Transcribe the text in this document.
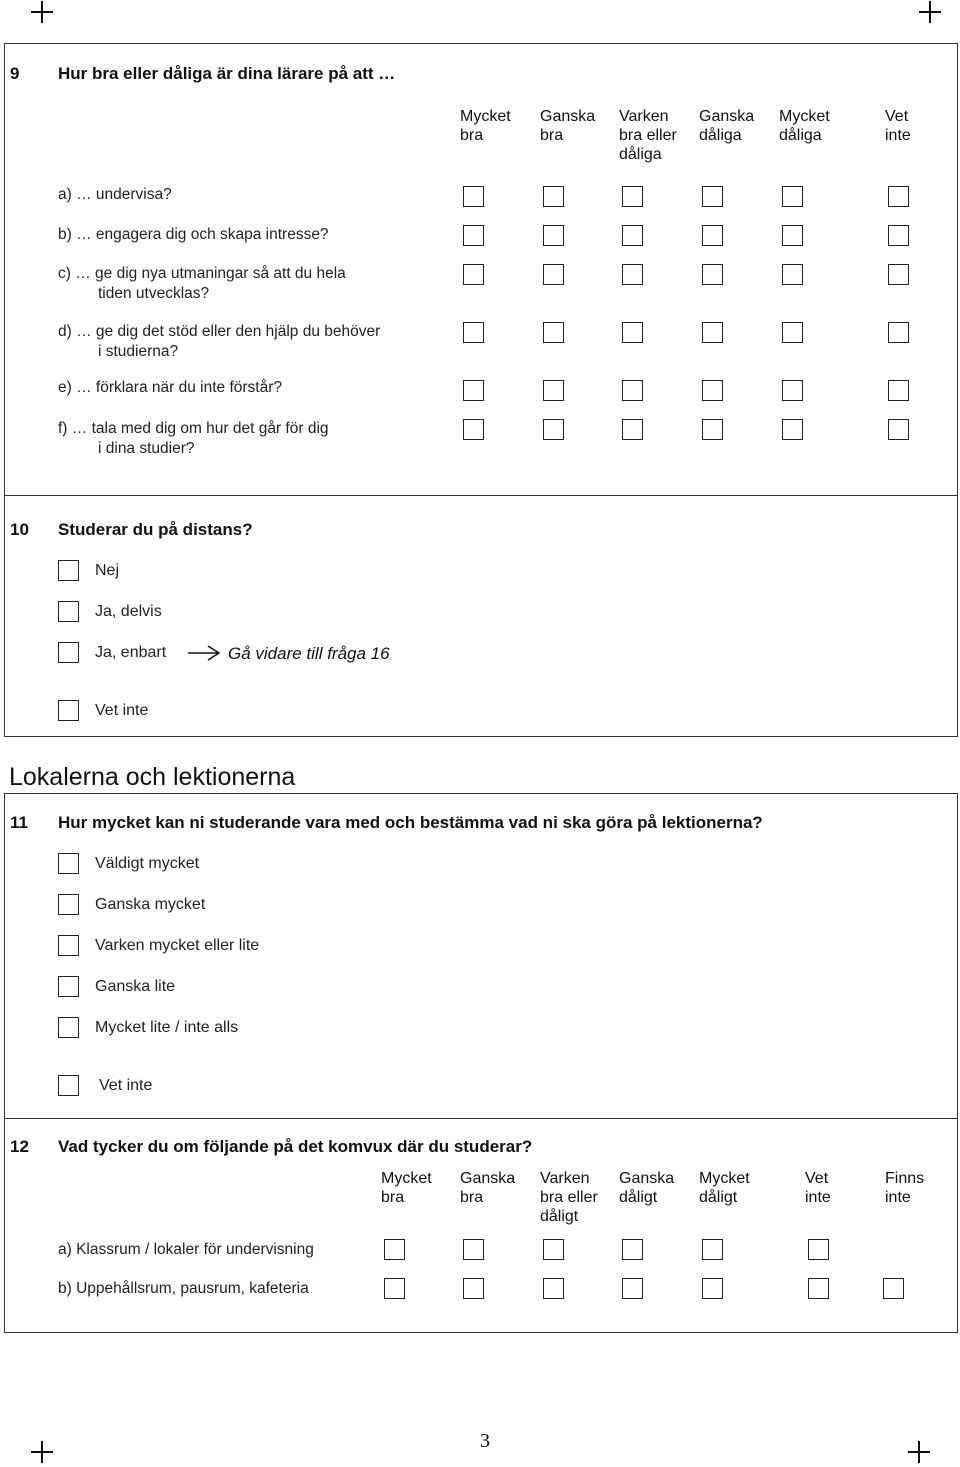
9 Hur bra eller dåliga är dina lärare på att …
Mycket
bra
Ganska
bra
Varken
bra eller
dåliga
Ganska
dåliga
Mycket
dåliga
Vet
inte
a) … undervisa?
b) … engagera dig och skapa intresse?
c) … ge dig nya utmaningar så att du hela
tiden utvecklas?
d) … ge dig det stöd eller den hjälp du behöver
i studierna?
e) … förklara när du inte förstår?
f) … tala med dig om hur det går för dig
i dina studier?
10 Studerar du på distans?
Nej
Ja, delvis
Ja, enbart
Vet inte
Gå vidare till fråga 16
Lokalerna och lektionerna
11 Hur mycket kan ni studerande vara med och bestämma vad ni ska göra på lektionerna?
Väldigt mycket
Ganska mycket
Varken mycket eller lite
Ganska lite
Mycket lite / inte alls
Vet inte
12 Vad tycker du om följande på det komvux där du studerar?
Mycket
bra
Ganska
bra
Varken
bra eller
dåligt
Ganska
dåligt
Mycket
dåligt
Vet
inte
Finns
inte
a) Klassrum / lokaler för undervisning
b) Uppehållsrum, pausrum, kafeteria
3
